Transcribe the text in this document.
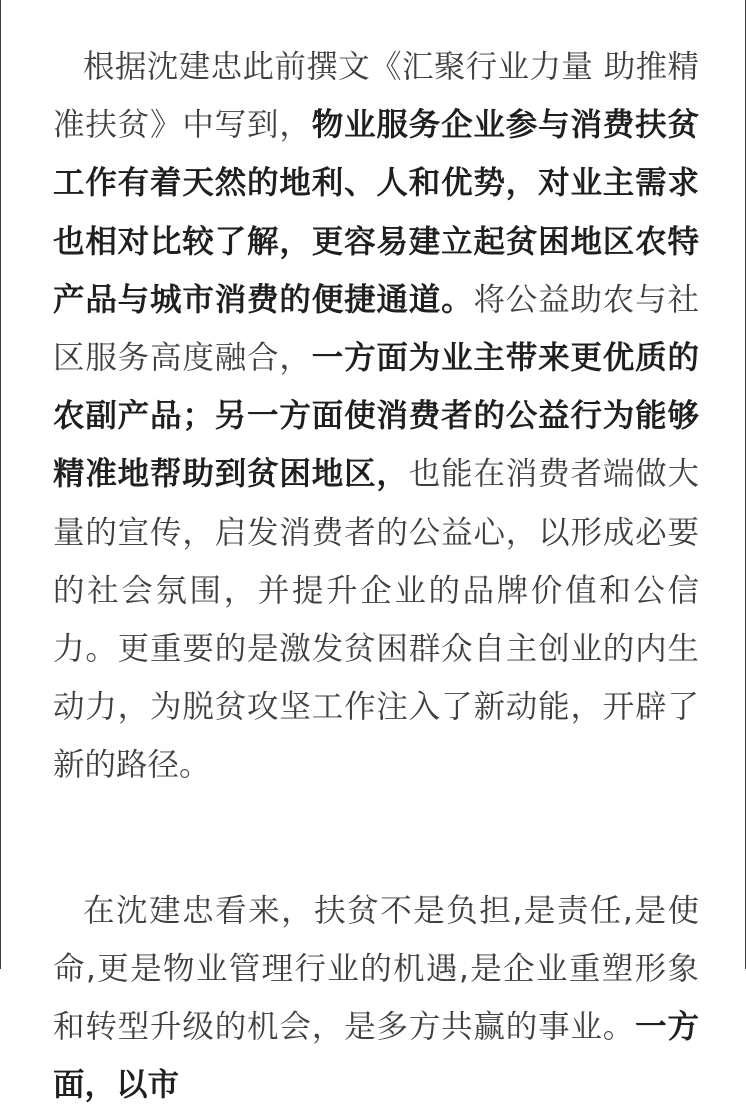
根据沈建忠此前撰文《汇聚行业力量 助推精准扶贫》中写到，物业服务企业参与消费扶贫工作有着天然的地利、人和优势，对业主需求也相对比较了解，更容易建立起贫困地区农特产品与城市消费的便捷通道。将公益助农与社区服务高度融合，一方面为业主带来更优质的农副产品；另一方面使消费者的公益行为能够精准地帮助到贫困地区，也能在消费者端做大量的宣传，启发消费者的公益心，以形成必要的社会氛围，并提升企业的品牌价值和公信力。更重要的是激发贫困群众自主创业的内生动力，为脱贫攻坚工作注入了新动能，开辟了新的路径。

在沈建忠看来，扶贫不是负担,是责任,是使命,更是物业管理行业的机遇,是企业重塑形象和转型升级的机会，是多方共赢的事业。一方面，以市
